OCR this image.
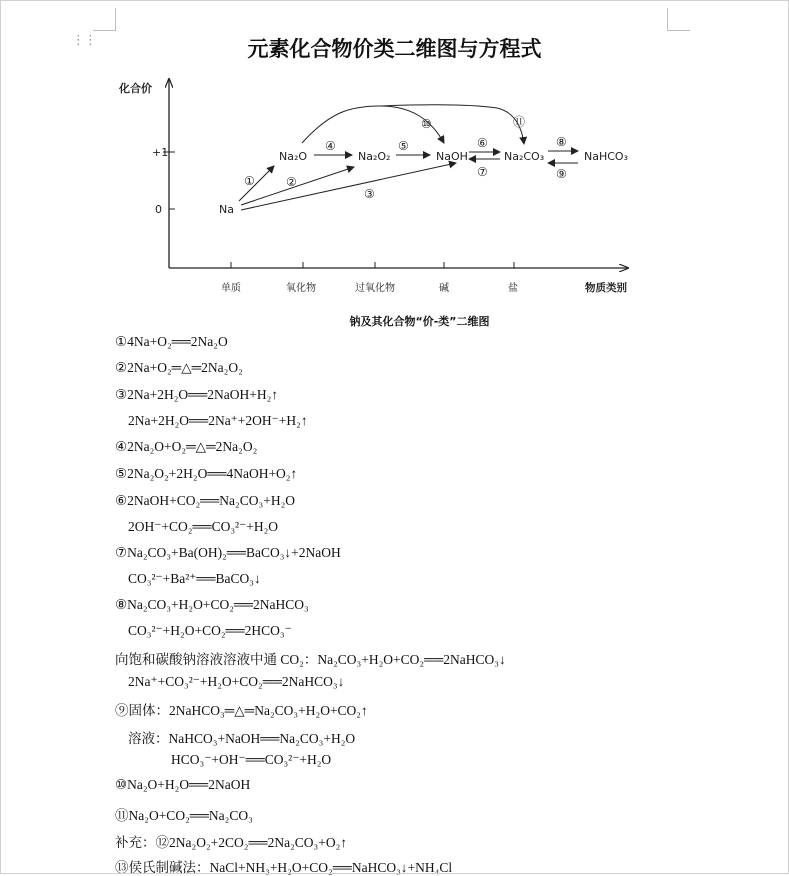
⋮⋮	元素化合物价类二维图与方程式
化合价
+1
0
单质	氧化物	过氧化物	碱	盐	物质类别
Na
Na₂O	Na₂O₂	NaOH	Na₂CO₃	NaHCO₃
①	②
③
④	⑤	⑥
⑦
⑧
⑨
⑩	⑪
钠及其化合物“价-类”二维图
①4Na+O₂══2Na₂O
②2Na+O₂═△═2Na₂O₂
③2Na+2H₂O══2NaOH+H₂↑
2Na+2H₂O══2Na⁺+2OH⁻+H₂↑
④2Na₂O+O₂═△═2Na₂O₂
⑤2Na₂O₂+2H₂O══4NaOH+O₂↑
⑥2NaOH+CO₂══Na₂CO₃+H₂O
2OH⁻+CO₂══CO₃²⁻+H₂O
⑦Na₂CO₃+Ba(OH)₂══BaCO₃↓+2NaOH
CO₃²⁻+Ba²⁺══BaCO₃↓
⑧Na₂CO₃+H₂O+CO₂══2NaHCO₃
CO₃²⁻+H₂O+CO₂══2HCO₃⁻
向饱和碳酸钠溶液溶液中通 CO₂：Na₂CO₃+H₂O+CO₂══2NaHCO₃↓
2Na⁺+CO₃²⁻+H₂O+CO₂══2NaHCO₃↓
⑨固体：2NaHCO₃═△═Na₂CO₃+H₂O+CO₂↑
溶液：NaHCO₃+NaOH══Na₂CO₃+H₂O
HCO₃⁻+OH⁻══CO₃²⁻+H₂O
⑩Na₂O+H₂O══2NaOH
⑪Na₂O+CO₂══Na₂CO₃
补充：⑫2Na₂O₂+2CO₂══2Na₂CO₃+O₂↑
⑬侯氏制碱法：NaCl+NH₃+H₂O+CO₂══NaHCO₃↓+NH₄Cl
